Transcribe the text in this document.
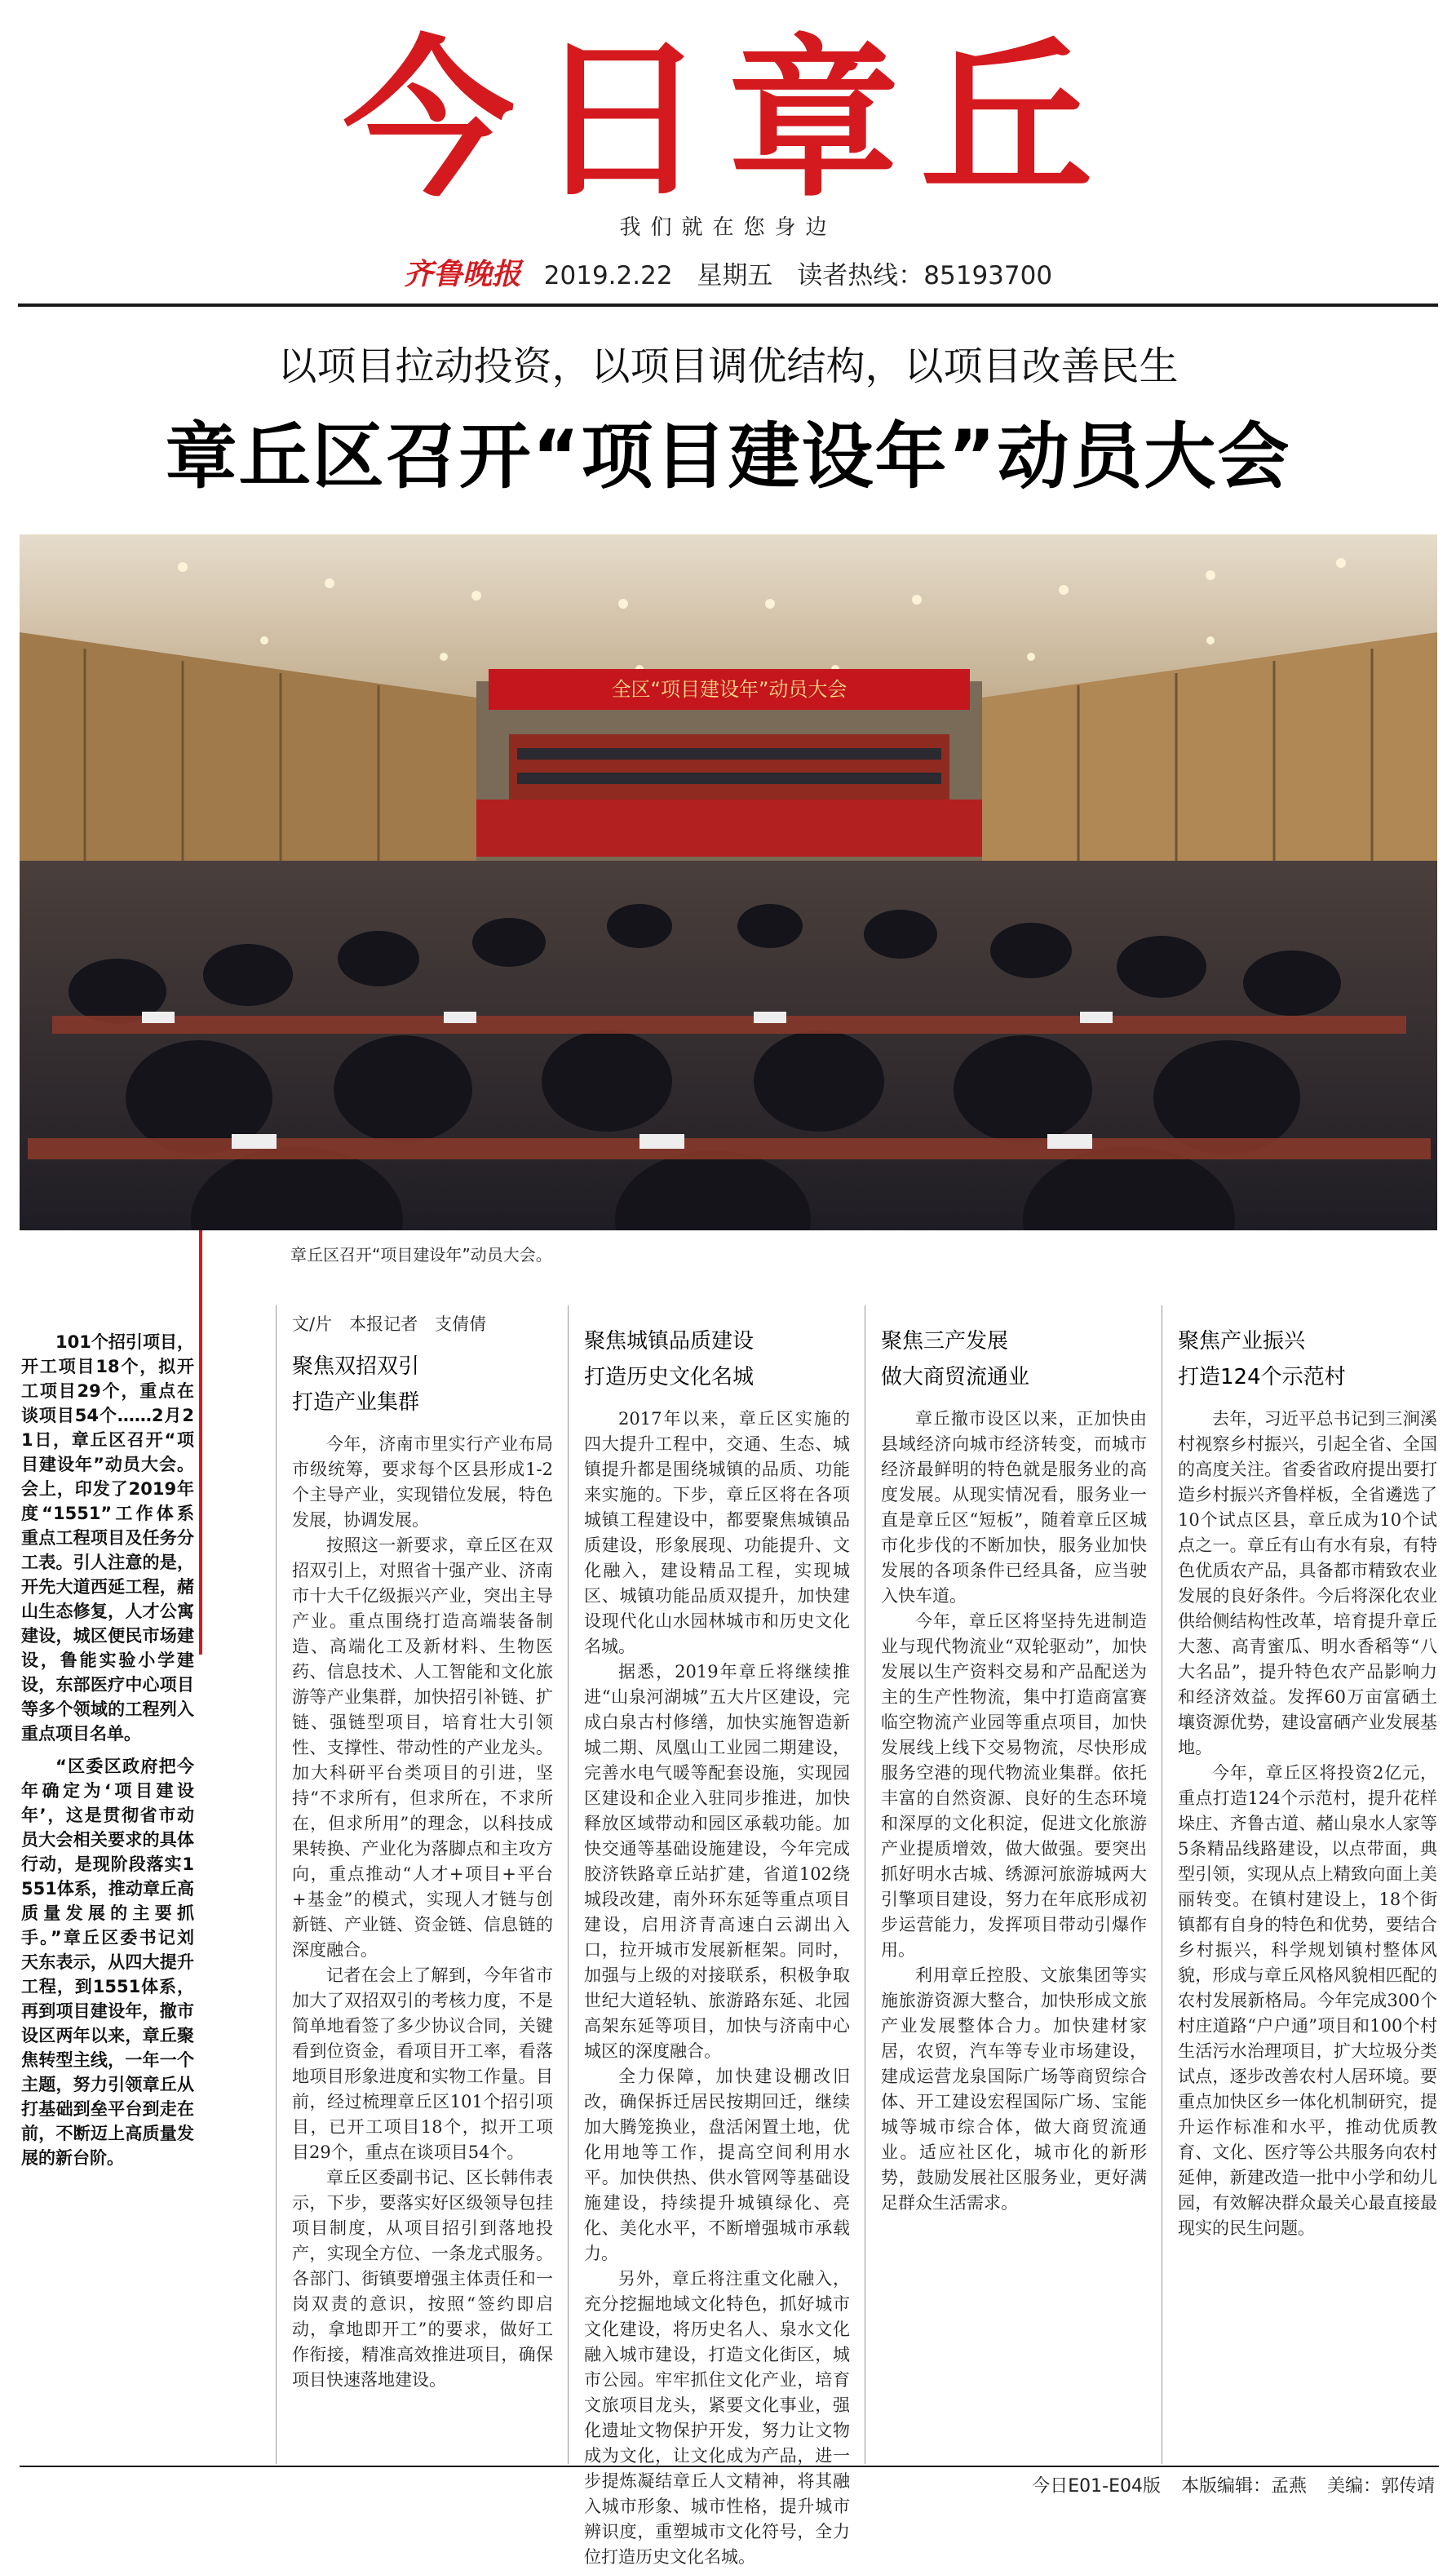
今日章丘
我们就在您身边
齐鲁晚报 2019.2.22 星期五 读者热线：85193700
以项目拉动投资，以项目调优结构，以项目改善民生
章丘区召开“项目建设年”动员大会
全区“项目建设年”动员大会
章丘区召开“项目建设年”动员大会。

101个招引项目，开工项目18个，拟开工项目29个，重点在谈项目54个……2月21日，章丘区召开“项目建设年”动员大会。会上，印发了2019年度“1551”工作体系重点工程项目及任务分工表。引人注意的是，开先大道西延工程，赭山生态修复，人才公寓建设，城区便民市场建设，鲁能实验小学建设，东部医疗中心项目等多个领域的工程列入重点项目名单。

“区委区政府把今年确定为‘项目建设年’，这是贯彻省市动员大会相关要求的具体行动，是现阶段落实1551体系，推动章丘高质量发展的主要抓手。”章丘区委书记刘天东表示，从四大提升工程，到1551体系，再到项目建设年，撤市设区两年以来，章丘聚焦转型主线，一年一个主题，努力引领章丘从打基础到垒平台到走在前，不断迈上高质量发展的新台阶。

文/片　本报记者　支倩倩
聚焦双招双引
打造产业集群

今年，济南市里实行产业布局市级统筹，要求每个区县形成1-2个主导产业，实现错位发展，特色发展，协调发展。

按照这一新要求，章丘区在双招双引上，对照省十强产业、济南市十大千亿级振兴产业，突出主导产业。重点围绕打造高端装备制造、高端化工及新材料、生物医药、信息技术、人工智能和文化旅游等产业集群，加快招引补链、扩链、强链型项目，培育壮大引领性、支撑性、带动性的产业龙头。加大科研平台类项目的引进，坚持“不求所有，但求所在，不求所在，但求所用”的理念，以科技成果转换、产业化为落脚点和主攻方向，重点推动“人才+项目+平台+基金”的模式，实现人才链与创新链、产业链、资金链、信息链的深度融合。

记者在会上了解到，今年省市加大了双招双引的考核力度，不是简单地看签了多少协议合同，关键看到位资金，看项目开工率，看落地项目形象进度和实物工作量。目前，经过梳理章丘区101个招引项目，已开工项目18个，拟开工项目29个，重点在谈项目54个。

章丘区委副书记、区长韩伟表示，下步，要落实好区级领导包挂项目制度，从项目招引到落地投产，实现全方位、一条龙式服务。各部门、街镇要增强主体责任和一岗双责的意识，按照“签约即启动，拿地即开工”的要求，做好工作衔接，精准高效推进项目，确保项目快速落地建设。

聚焦城镇品质建设
打造历史文化名城

2017年以来，章丘区实施的四大提升工程中，交通、生态、城镇提升都是围绕城镇的品质、功能来实施的。下步，章丘区将在各项城镇工程建设中，都要聚焦城镇品质建设，形象展现、功能提升、文化融入，建设精品工程，实现城区、城镇功能品质双提升，加快建设现代化山水园林城市和历史文化名城。

据悉，2019年章丘将继续推进“山泉河湖城”五大片区建设，完成白泉古村修缮，加快实施智造新城二期、凤凰山工业园二期建设，完善水电气暖等配套设施，实现园区建设和企业入驻同步推进，加快释放区域带动和园区承载功能。加快交通等基础设施建设，今年完成胶济铁路章丘站扩建，省道102绕城段改建，南外环东延等重点项目建设，启用济青高速白云湖出入口，拉开城市发展新框架。同时，加强与上级的对接联系，积极争取世纪大道轻轨、旅游路东延、北园高架东延等项目，加快与济南中心城区的深度融合。

全力保障，加快建设棚改旧改，确保拆迁居民按期回迁，继续加大腾笼换业，盘活闲置土地，优化用地等工作，提高空间利用水平。加快供热、供水管网等基础设施建设，持续提升城镇绿化、亮化、美化水平，不断增强城市承载力。

另外，章丘将注重文化融入，充分挖掘地域文化特色，抓好城市文化建设，将历史名人、泉水文化融入城市建设，打造文化街区，城市公园。牢牢抓住文化产业，培育文旅项目龙头，紧要文化事业，强化遗址文物保护开发，努力让文物成为文化，让文化成为产品，进一步提炼凝结章丘人文精神，将其融入城市形象、城市性格，提升城市辨识度，重塑城市文化符号，全力位打造历史文化名城。

聚焦三产发展
做大商贸流通业

章丘撤市设区以来，正加快由县域经济向城市经济转变，而城市经济最鲜明的特色就是服务业的高度发展。从现实情况看，服务业一直是章丘区“短板”，随着章丘区城市化步伐的不断加快，服务业加快发展的各项条件已经具备，应当驶入快车道。

今年，章丘区将坚持先进制造业与现代物流业“双轮驱动”，加快发展以生产资料交易和产品配送为主的生产性物流，集中打造商富赛临空物流产业园等重点项目，加快发展线上线下交易物流，尽快形成服务空港的现代物流业集群。依托丰富的自然资源、良好的生态环境和深厚的文化积淀，促进文化旅游产业提质增效，做大做强。要突出抓好明水古城、绣源河旅游城两大引擎项目建设，努力在年底形成初步运营能力，发挥项目带动引爆作用。

利用章丘控股、文旅集团等实施旅游资源大整合，加快形成文旅产业发展整体合力。加快建材家居，农贸，汽车等专业市场建设，建成运营龙泉国际广场等商贸综合体、开工建设宏程国际广场、宝能城等城市综合体，做大商贸流通业。适应社区化，城市化的新形势，鼓励发展社区服务业，更好满足群众生活需求。

聚焦产业振兴
打造124个示范村

去年，习近平总书记到三涧溪村视察乡村振兴，引起全省、全国的高度关注。省委省政府提出要打造乡村振兴齐鲁样板，全省遴选了10个试点区县，章丘成为10个试点之一。章丘有山有水有泉，有特色优质农产品，具备都市精致农业发展的良好条件。今后将深化农业供给侧结构性改革，培育提升章丘大葱、高青蜜瓜、明水香稻等“八大名品”，提升特色农产品影响力和经济效益。发挥60万亩富硒土壤资源优势，建设富硒产业发展基地。

今年，章丘区将投资2亿元，重点打造124个示范村，提升花样垛庄、齐鲁古道、赭山泉水人家等5条精品线路建设，以点带面，典型引领，实现从点上精致向面上美丽转变。在镇村建设上，18个街镇都有自身的特色和优势，要结合乡村振兴，科学规划镇村整体风貌，形成与章丘风格风貌相匹配的农村发展新格局。今年完成300个村庄道路“户户通”项目和100个村生活污水治理项目，扩大垃圾分类试点，逐步改善农村人居环境。要重点加快区乡一体化机制研究，提升运作标准和水平，推动优质教育、文化、医疗等公共服务向农村延伸，新建改造一批中小学和幼儿园，有效解决群众最关心最直接最现实的民生问题。

今日E01-E04版 本版编辑：孟燕 美编：郭传靖
